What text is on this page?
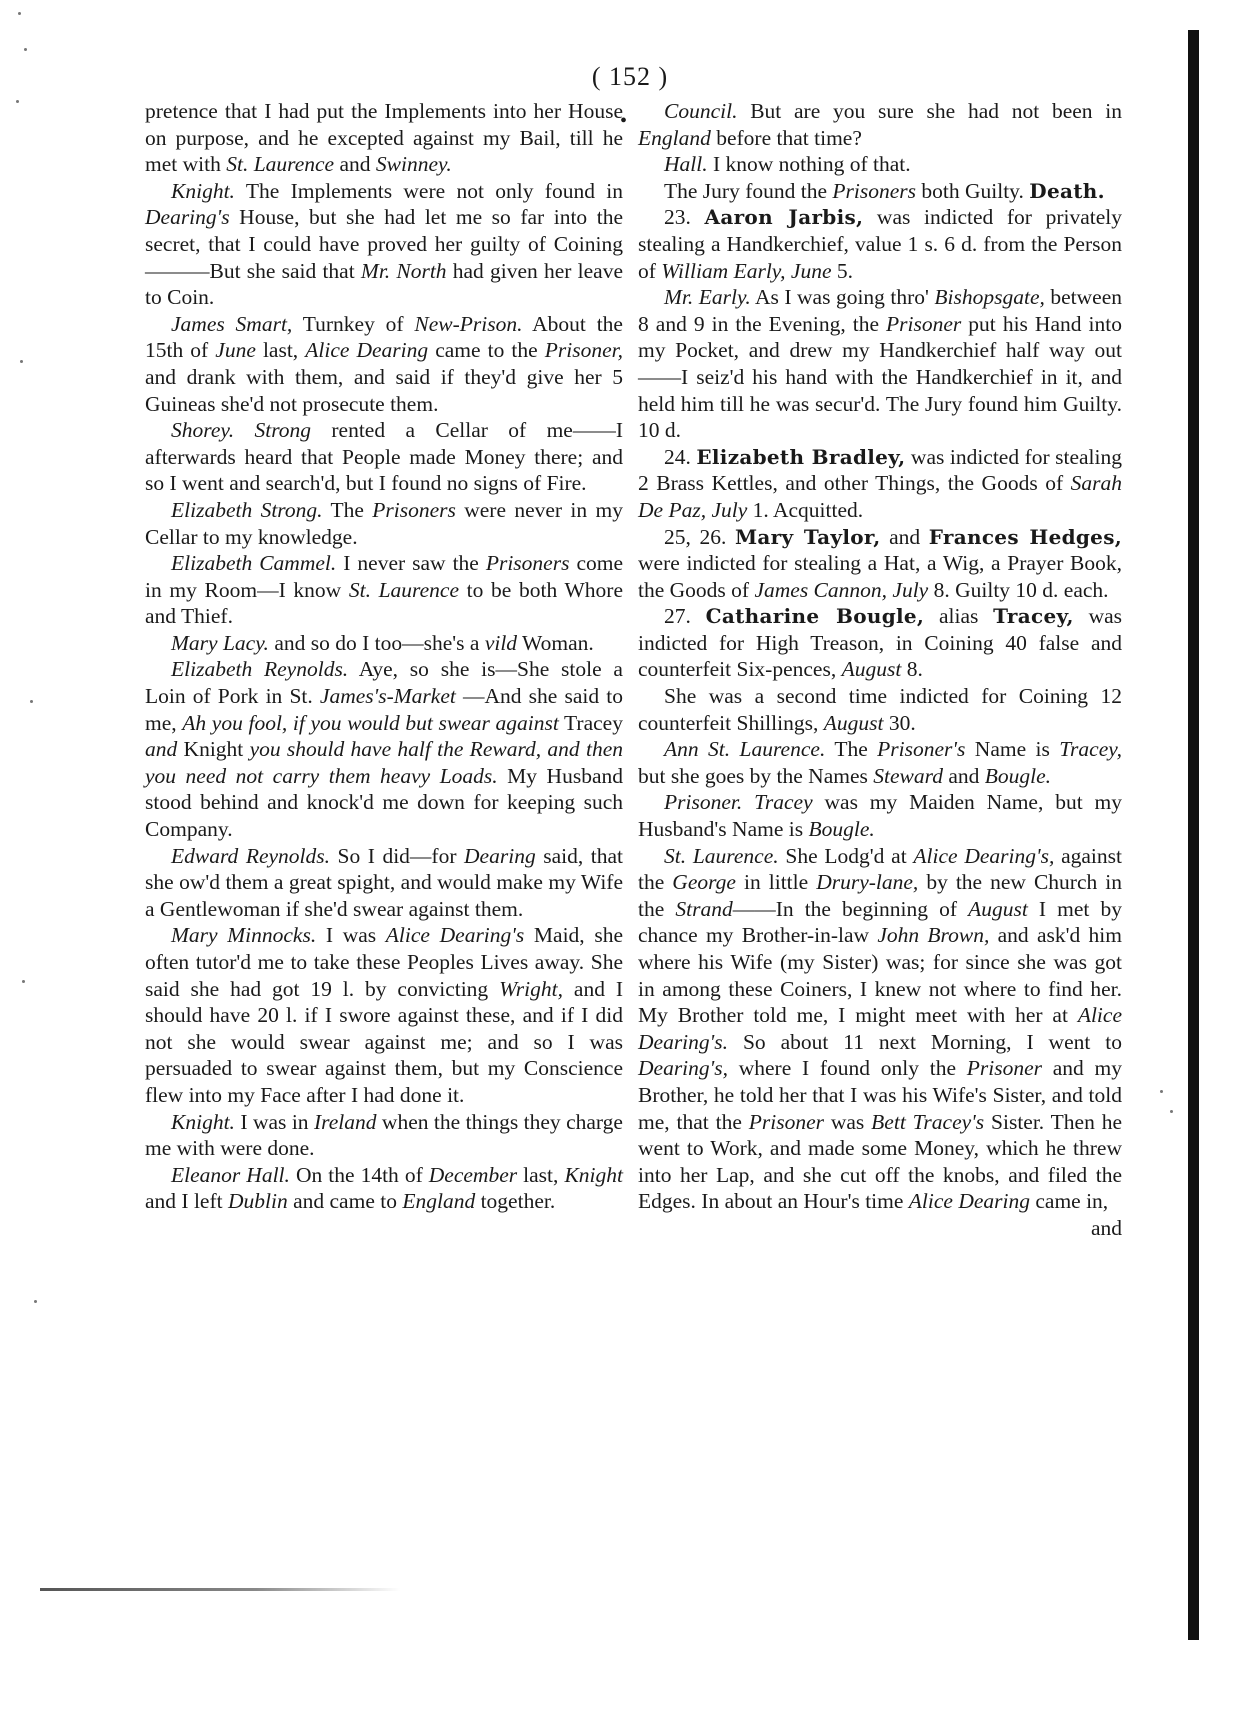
( 152 )
•

pretence that I had put the Implements into her House on purpose, and he excepted against my Bail, till he met with St. Laurence and Swinney.

Knight. The Implements were not only found in Dearing's House, but she had let me so far into the secret, that I could have proved her guilty of Coining———But she said that Mr. North had given her leave to Coin.

James Smart, Turnkey of New-Prison. About the 15th of June last, Alice Dearing came to the Prisoner, and drank with them, and said if they'd give her 5 Guineas she'd not prosecute them.

Shorey. Strong rented a Cellar of me——I afterwards heard that People made Money there; and so I went and search'd, but I found no signs of Fire.

Elizabeth Strong. The Prisoners were never in my Cellar to my knowledge.

Elizabeth Cammel. I never saw the Prisoners come in my Room—I know St. Laurence to be both Whore and Thief.

Mary Lacy. and so do I too—she's a vild Woman.

Elizabeth Reynolds. Aye, so she is—She stole a Loin of Pork in St. James's-Market —And she said to me, Ah you fool, if you would but swear against Tracey and Knight you should have half the Reward, and then you need not carry them heavy Loads. My Husband stood behind and knock'd me down for keeping such Company.

Edward Reynolds. So I did—for Dearing said, that she ow'd them a great spight, and would make my Wife a Gentlewoman if she'd swear against them.

Mary Minnocks. I was Alice Dearing's Maid, she often tutor'd me to take these Peoples Lives away. She said she had got 19 l. by convicting Wright, and I should have 20 l. if I swore against these, and if I did not she would swear against me; and so I was persuaded to swear against them, but my Conscience flew into my Face after I had done it.

Knight. I was in Ireland when the things they charge me with were done.

Eleanor Hall. On the 14th of December last, Knight and I left Dublin and came to England together.

Council. But are you sure she had not been in England before that time?

Hall. I know nothing of that.

The Jury found the Prisoners both Guilty. Death.

23. Aaron Jarbis, was indicted for privately stealing a Handkerchief, value 1 s. 6 d. from the Person of William Early, June 5.

Mr. Early. As I was going thro' Bishopsgate, between 8 and 9 in the Evening, the Prisoner put his Hand into my Pocket, and drew my Handkerchief half way out——I seiz'd his hand with the Handkerchief in it, and held him till he was secur'd. The Jury found him Guilty. 10 d.

24. Elizabeth Bradley, was indicted for stealing 2 Brass Kettles, and other Things, the Goods of Sarah De Paz, July 1. Acquitted.

25, 26. Mary Taylor, and Frances Hedges, were indicted for stealing a Hat, a Wig, a Prayer Book, the Goods of James Cannon, July 8. Guilty 10 d. each.

27. Catharine Bougle, alias Tracey, was indicted for High Treason, in Coining 40 false and counterfeit Six-pences, August 8.

She was a second time indicted for Coining 12 counterfeit Shillings, August 30.

Ann St. Laurence. The Prisoner's Name is Tracey, but she goes by the Names Steward and Bougle.

Prisoner. Tracey was my Maiden Name, but my Husband's Name is Bougle.

St. Laurence. She Lodg'd at Alice Dearing's, against the George in little Drury-lane, by the new Church in the Strand——In the beginning of August I met by chance my Brother-in-law John Brown, and ask'd him where his Wife (my Sister) was; for since she was got in among these Coiners, I knew not where to find her. My Brother told me, I might meet with her at Alice Dearing's. So about 11 next Morning, I went to Dearing's, where I found only the Prisoner and my Brother, he told her that I was his Wife's Sister, and told me, that the Prisoner was Bett Tracey's Sister. Then he went to Work, and made some Money, which he threw into her Lap, and she cut off the knobs, and filed the Edges. In about an Hour's time Alice Dearing came in,

and
